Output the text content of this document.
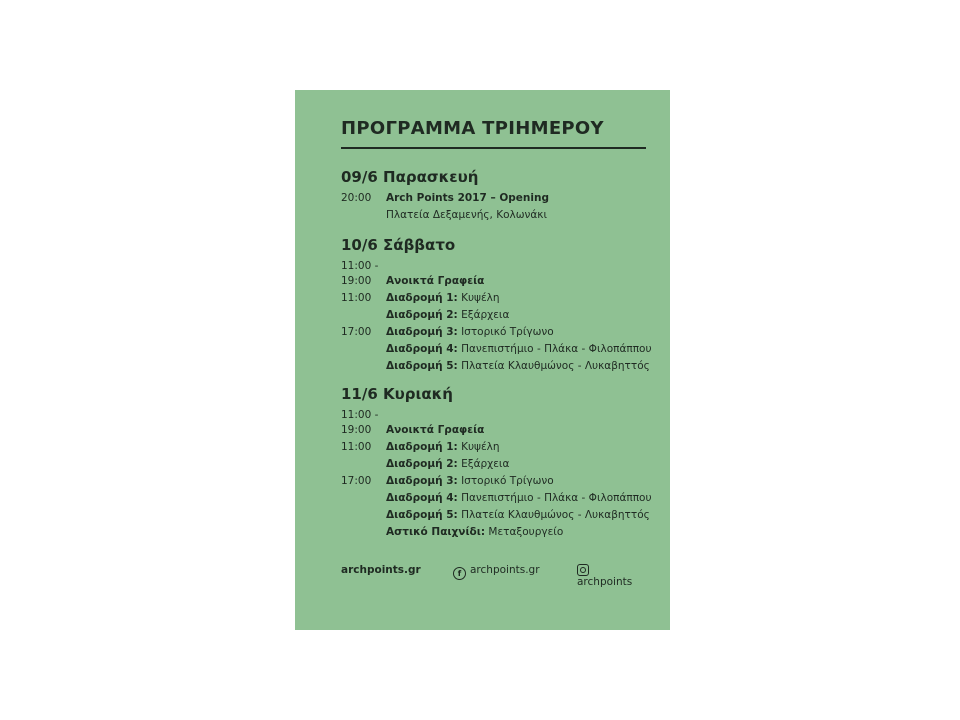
ΠΡΟΓΡΑΜΜΑ ΤΡΙΗΜΕΡΟΥ
09/6 Παρασκευή
20:00 Arch Points 2017 – Opening
Πλατεία Δεξαμενής, Κολωνάκι
10/6 Σάββατο
11:00 -
19:00 Ανοικτά Γραφεία
11:00 Διαδρομή 1: Κυψέλη
Διαδρομή 2: Εξάρχεια
17:00 Διαδρομή 3: Ιστορικό Τρίγωνο
Διαδρομή 4: Πανεπιστήμιο - Πλάκα - Φιλοπάππου
Διαδρομή 5: Πλατεία Κλαυθμώνος - Λυκαβηττός
11/6 Κυριακή
11:00 -
19:00 Ανοικτά Γραφεία
11:00 Διαδρομή 1: Κυψέλη
Διαδρομή 2: Εξάρχεια
17:00 Διαδρομή 3: Ιστορικό Τρίγωνο
Διαδρομή 4: Πανεπιστήμιο - Πλάκα - Φιλοπάππου
Διαδρομή 5: Πλατεία Κλαυθμώνος - Λυκαβηττός
Αστικό Παιχνίδι: Μεταξουργείο
archpoints.gr	f archpoints.gr
archpoints
